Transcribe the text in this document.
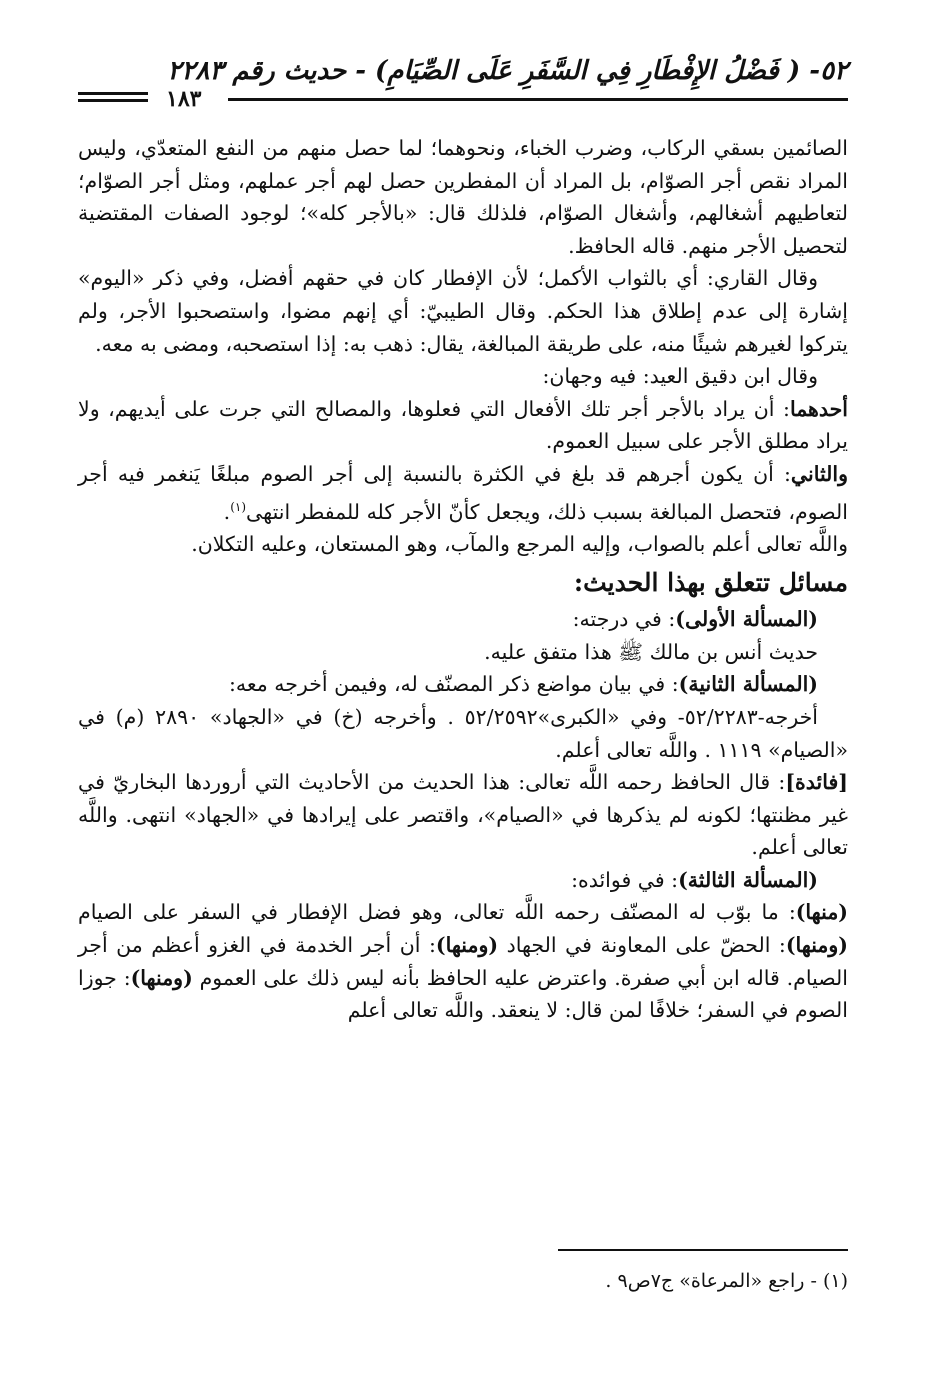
٥٢- ( فَضْلُ الإِفْطَارِ فِي السَّفَرِ عَلَى الصِّيَامِ) - حديث رقم ٢٢٨٣
١٨٣

الصائمين بسقي الركاب، وضرب الخباء، ونحوهما؛ لما حصل منهم من النفع المتعدّي، وليس المراد نقص أجر الصوّام، بل المراد أن المفطرين حصل لهم أجر عملهم، ومثل أجر الصوّام؛ لتعاطيهم أشغالهم، وأشغال الصوّام، فلذلك قال: «بالأجر كله»؛ لوجود الصفات المقتضية لتحصيل الأجر منهم. قاله الحافظ.

وقال القاري: أي بالثواب الأكمل؛ لأن الإفطار كان في حقهم أفضل، وفي ذكر «اليوم» إشارة إلى عدم إطلاق هذا الحكم. وقال الطيبيّ: أي إنهم مضوا، واستصحبوا الأجر، ولم يتركوا لغيرهم شيئًا منه، على طريقة المبالغة، يقال: ذهب به: إذا استصحبه، ومضى به معه.

وقال ابن دقيق العيد: فيه وجهان:

أحدهما: أن يراد بالأجر أجر تلك الأفعال التي فعلوها، والمصالح التي جرت على أيديهم، ولا يراد مطلق الأجر على سبيل العموم.

والثاني: أن يكون أجرهم قد بلغ في الكثرة بالنسبة إلى أجر الصوم مبلغًا يَنغمر فيه أجر الصوم، فتحصل المبالغة بسبب ذلك، ويجعل كأنّ الأجر كله للمفطر انتهى$^{(١)}$.

واللَّه تعالى أعلم بالصواب، وإليه المرجع والمآب، وهو المستعان، وعليه التكلان.

مسائل تتعلق بهذا الحديث:

(المسألة الأولى): في درجته:

حديث أنس بن مالك ﷺ هذا متفق عليه.

(المسألة الثانية): في بيان مواضع ذكر المصنّف له، وفيمن أخرجه معه:

أخرجه-٥٢/٢٢٨٣- وفي «الكبرى»٥٢/٢٥٩٢ . وأخرجه (خ) في «الجهاد» ٢٨٩٠ (م) في «الصيام» ١١١٩ . واللَّه تعالى أعلم.

[فائدة]: قال الحافظ رحمه اللَّه تعالى: هذا الحديث من الأحاديث التي أروردها البخاريّ في غير مظنتها؛ لكونه لم يذكرها في «الصيام»، واقتصر على إيرادها في «الجهاد» انتهى. واللَّه تعالى أعلم.

(المسألة الثالثة): في فوائده:

(منها): ما بوّب له المصنّف رحمه اللَّه تعالى، وهو فضل الإفطار في السفر على الصيام (ومنها): الحضّ على المعاونة في الجهاد (ومنها): أن أجر الخدمة في الغزو أعظم من أجر الصيام. قاله ابن أبي صفرة. واعترض عليه الحافظ بأنه ليس ذلك على العموم (ومنها): جوزا الصوم في السفر؛ خلافًا لمن قال: لا ينعقد. واللَّه تعالى أعلم

(١) - راجع «المرعاة» ج٧ص٩ .
